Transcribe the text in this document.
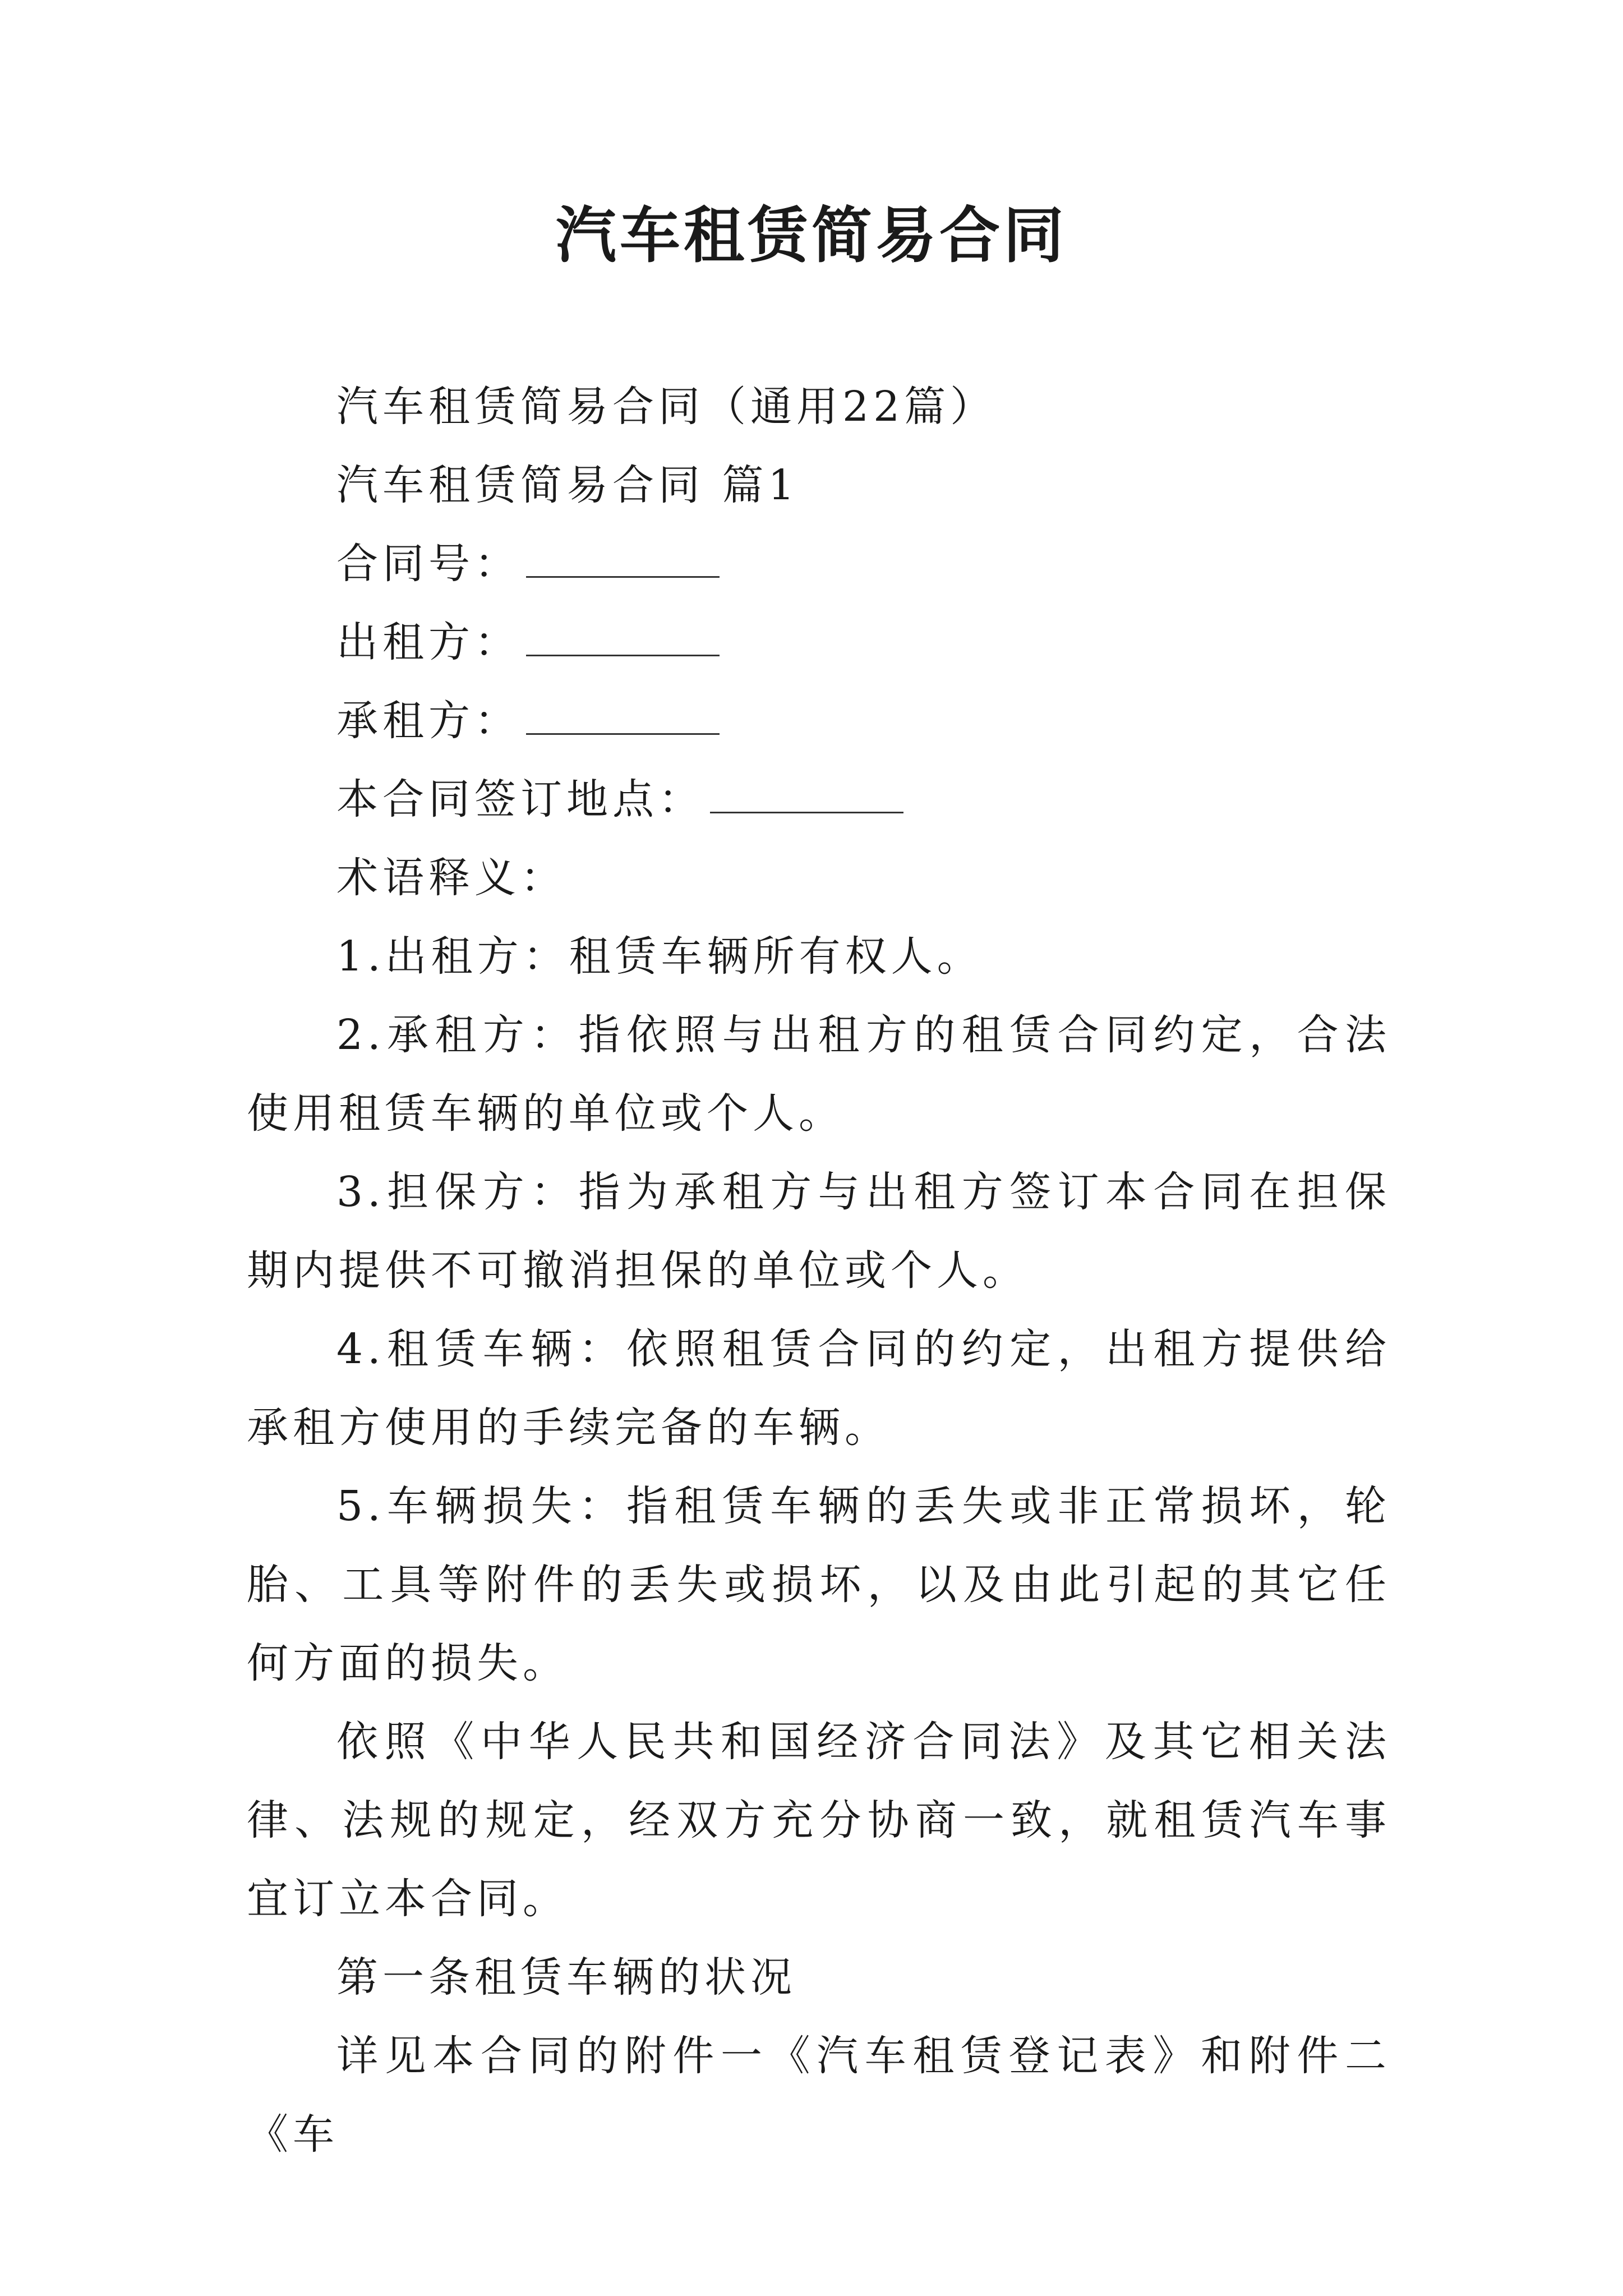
汽车租赁简易合同

汽车租赁简易合同（通用22篇）

汽车租赁简易合同 篇1

合同号：

出租方：

承租方：

本合同签订地点：

术语释义：

1.出租方：租赁车辆所有权人。

2.承租方：指依照与出租方的租赁合同约定，合法使用租赁车辆的单位或个人。

3.担保方：指为承租方与出租方签订本合同在担保期内提供不可撤消担保的单位或个人。

4.租赁车辆：依照租赁合同的约定，出租方提供给承租方使用的手续完备的车辆。

5.车辆损失：指租赁车辆的丢失或非正常损坏，轮胎、工具等附件的丢失或损坏，以及由此引起的其它任何方面的损失。

依照《中华人民共和国经济合同法》及其它相关法律、法规的规定，经双方充分协商一致，就租赁汽车事宜订立本合同。

第一条租赁车辆的状况

详见本合同的附件一《汽车租赁登记表》和附件二《车
